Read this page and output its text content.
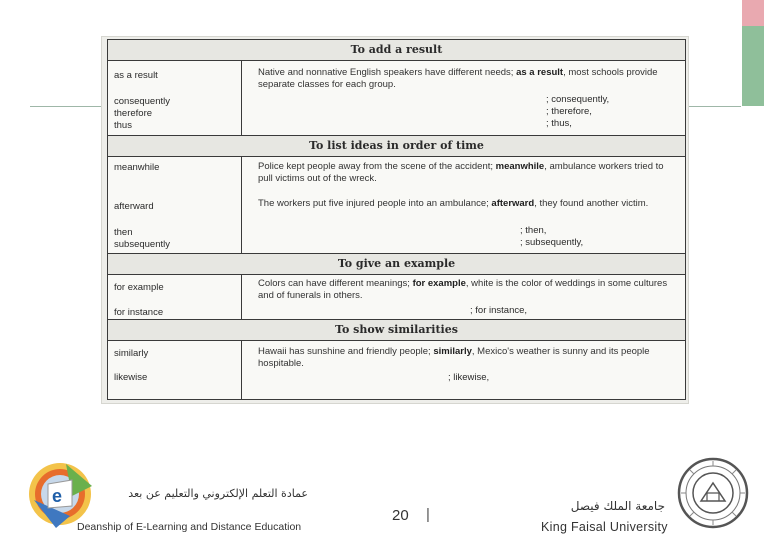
To add a result
as a result
consequently
therefore
thus
Native and nonnative English speakers have different needs; as a result, most schools provide separate classes for each group.
; consequently,
; therefore,
; thus,
To list ideas in order of time
meanwhile
afterward
then
subsequently
Police kept people away from the scene of the accident; meanwhile, ambulance workers tried to pull victims out of the wreck.
The workers put five injured people into an ambulance; afterward, they found another victim.
; then,
; subsequently,
To give an example
for example
for instance
Colors can have different meanings; for example, white is the color of weddings in some cultures and of funerals in others.
; for instance,
To show similarities
similarly
likewise
Hawaii has sunshine and friendly people; similarly, Mexico's weather is sunny and its people hospitable.
; likewise,
e	عمادة التعلم الإلكتروني والتعليم عن بعد
Deanship of E-Learning and Distance Education
20 |	جامعة الملك فيصل
King Faisal University
